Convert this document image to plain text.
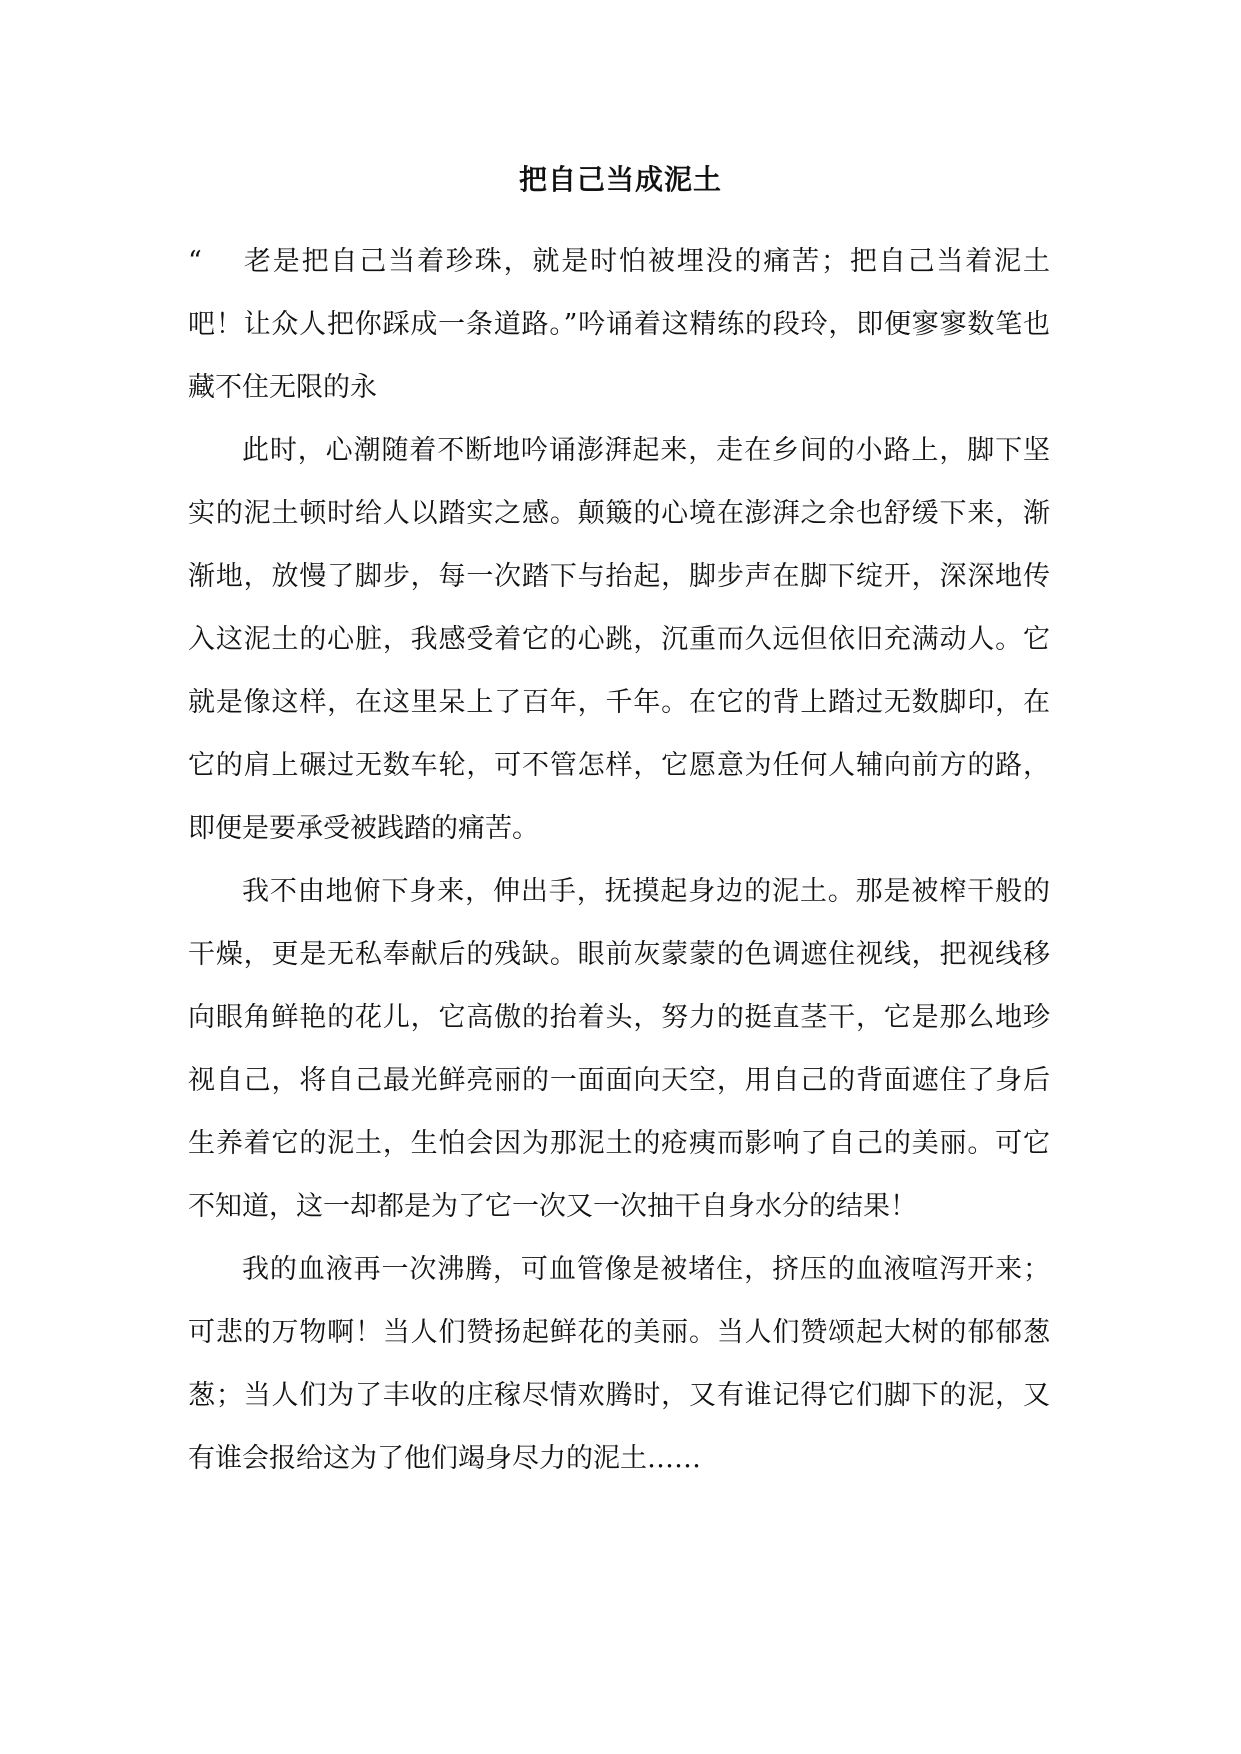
把自己当成泥土

“ 老是把自己当着珍珠，就是时怕被埋没的痛苦；把自己当着泥土吧！让众人把你踩成一条道路。”吟诵着这精练的段玲，即便寥寥数笔也藏不住无限的永

此时，心潮随着不断地吟诵澎湃起来，走在乡间的小路上，脚下坚实的泥土顿时给人以踏实之感。颠簸的心境在澎湃之余也舒缓下来，渐渐地，放慢了脚步，每一次踏下与抬起，脚步声在脚下绽开，深深地传入这泥土的心脏，我感受着它的心跳，沉重而久远但依旧充满动人。它就是像这样，在这里呆上了百年，千年。在它的背上踏过无数脚印，在它的肩上碾过无数车轮，可不管怎样，它愿意为任何人辅向前方的路，即便是要承受被践踏的痛苦。

我不由地俯下身来，伸出手，抚摸起身边的泥土。那是被榨干般的干燥，更是无私奉献后的残缺。眼前灰蒙蒙的色调遮住视线，把视线移向眼角鲜艳的花儿，它高傲的抬着头，努力的挺直茎干，它是那么地珍视自己，将自己最光鲜亮丽的一面面向天空，用自己的背面遮住了身后生养着它的泥土，生怕会因为那泥土的疮痍而影响了自己的美丽。可它不知道，这一却都是为了它一次又一次抽干自身水分的结果！

我的血液再一次沸腾，可血管像是被堵住，挤压的血液喧泻开来；可悲的万物啊！当人们赞扬起鲜花的美丽。当人们赞颂起大树的郁郁葱葱；当人们为了丰收的庄稼尽情欢腾时，又有谁记得它们脚下的泥，又有谁会报给这为了他们竭身尽力的泥土……
